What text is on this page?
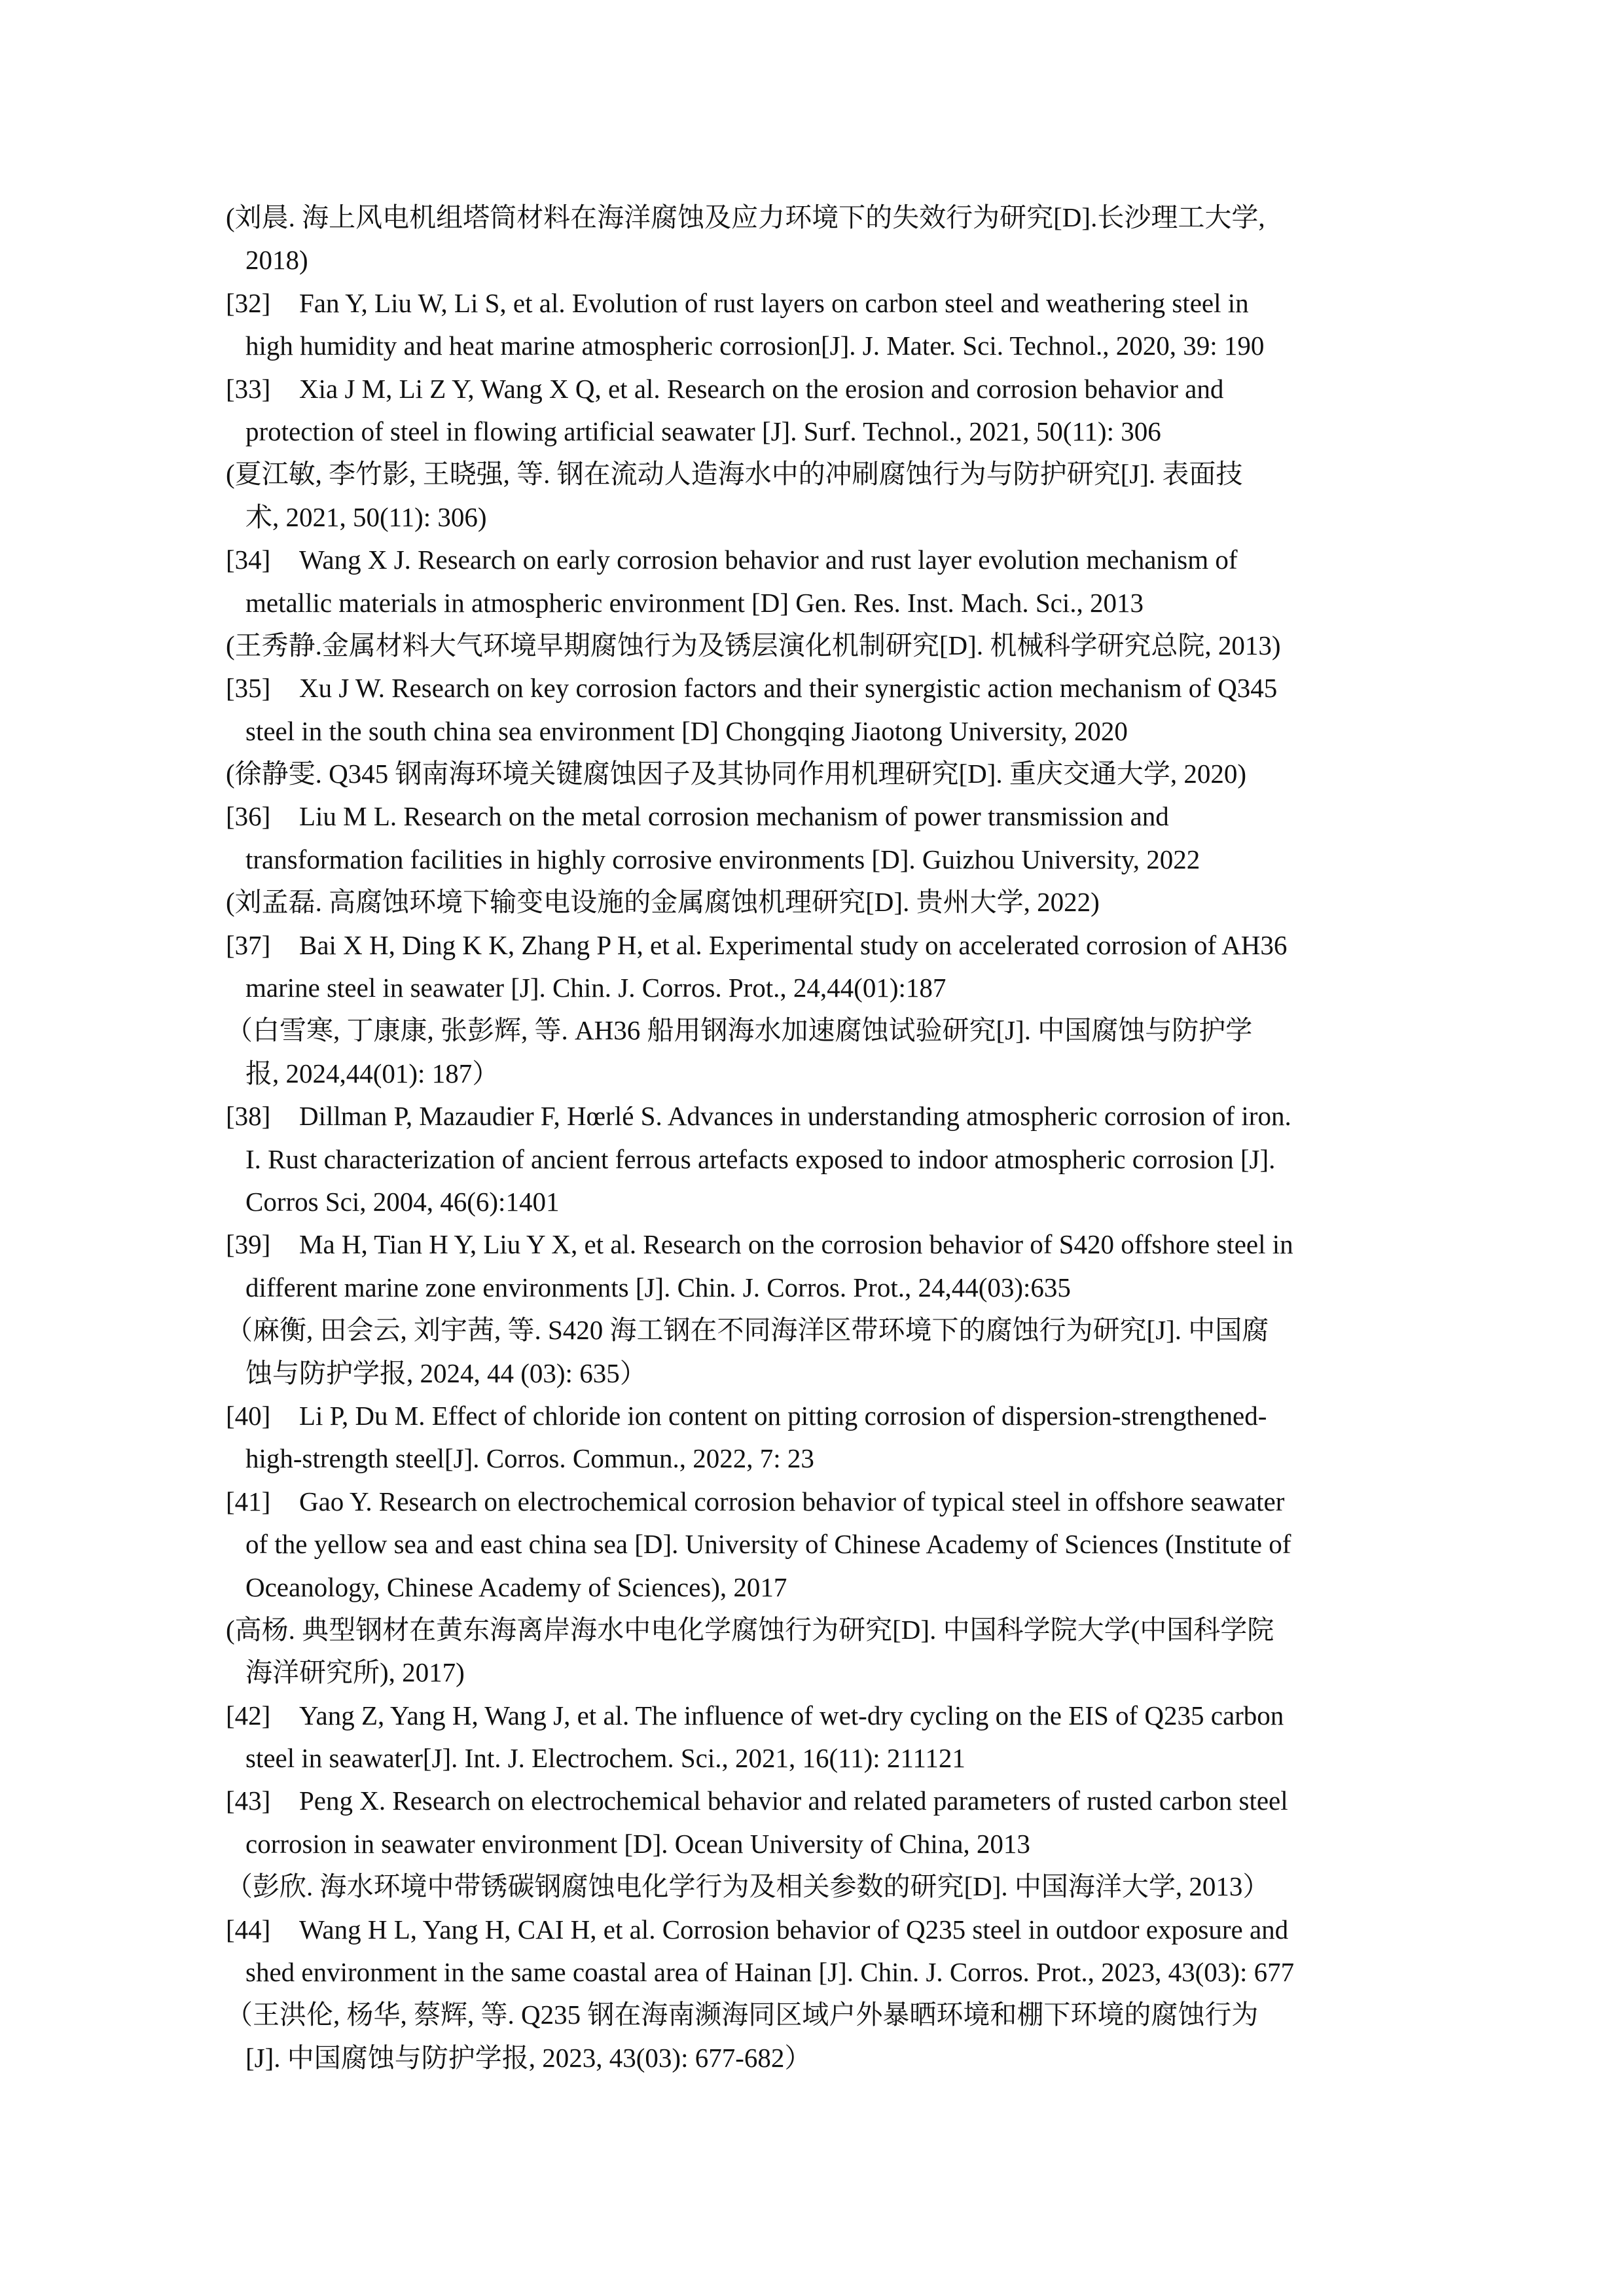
(刘晨. 海上风电机组塔筒材料在海洋腐蚀及应力环境下的失效行为研究[D].长沙理工大学,
2018)
[32] Fan Y, Liu W, Li S, et al. Evolution of rust layers on carbon steel and weathering steel in
high humidity and heat marine atmospheric corrosion[J]. J. Mater. Sci. Technol., 2020, 39: 190
[33] Xia J M, Li Z Y, Wang X Q, et al. Research on the erosion and corrosion behavior and
protection of steel in flowing artificial seawater [J]. Surf. Technol., 2021, 50(11): 306
(夏江敏, 李竹影, 王晓强, 等. 钢在流动人造海水中的冲刷腐蚀行为与防护研究[J]. 表面技
术, 2021, 50(11): 306)
[34] Wang X J. Research on early corrosion behavior and rust layer evolution mechanism of
metallic materials in atmospheric environment [D] Gen. Res. Inst. Mach. Sci., 2013
(王秀静.金属材料大气环境早期腐蚀行为及锈层演化机制研究[D]. 机械科学研究总院, 2013)
[35] Xu J W. Research on key corrosion factors and their synergistic action mechanism of Q345
steel in the south china sea environment [D] Chongqing Jiaotong University, 2020
(徐静雯. Q345 钢南海环境关键腐蚀因子及其协同作用机理研究[D]. 重庆交通大学, 2020)
[36] Liu M L. Research on the metal corrosion mechanism of power transmission and
transformation facilities in highly corrosive environments [D]. Guizhou University, 2022
(刘孟磊. 高腐蚀环境下输变电设施的金属腐蚀机理研究[D]. 贵州大学, 2022)
[37] Bai X H, Ding K K, Zhang P H, et al. Experimental study on accelerated corrosion of AH36
marine steel in seawater [J]. Chin. J. Corros. Prot., 24,44(01):187
（白雪寒, 丁康康, 张彭辉, 等. AH36 船用钢海水加速腐蚀试验研究[J]. 中国腐蚀与防护学
报, 2024,44(01): 187）
[38] Dillman P, Mazaudier F, Hœrlé S. Advances in understanding atmospheric corrosion of iron.
I. Rust characterization of ancient ferrous artefacts exposed to indoor atmospheric corrosion [J].
Corros Sci, 2004, 46(6):1401
[39] Ma H, Tian H Y, Liu Y X, et al. Research on the corrosion behavior of S420 offshore steel in
different marine zone environments [J]. Chin. J. Corros. Prot., 24,44(03):635
（麻衡, 田会云, 刘宇茜, 等. S420 海工钢在不同海洋区带环境下的腐蚀行为研究[J]. 中国腐
蚀与防护学报, 2024, 44 (03): 635）
[40] Li P, Du M. Effect of chloride ion content on pitting corrosion of dispersion-strengthened-
high-strength steel[J]. Corros. Commun., 2022, 7: 23
[41] Gao Y. Research on electrochemical corrosion behavior of typical steel in offshore seawater
of the yellow sea and east china sea [D]. University of Chinese Academy of Sciences (Institute of
Oceanology, Chinese Academy of Sciences), 2017
(高杨. 典型钢材在黄东海离岸海水中电化学腐蚀行为研究[D]. 中国科学院大学(中国科学院
海洋研究所), 2017)
[42] Yang Z, Yang H, Wang J, et al. The influence of wet-dry cycling on the EIS of Q235 carbon
steel in seawater[J]. Int. J. Electrochem. Sci., 2021, 16(11): 211121
[43] Peng X. Research on electrochemical behavior and related parameters of rusted carbon steel
corrosion in seawater environment [D]. Ocean University of China, 2013
（彭欣. 海水环境中带锈碳钢腐蚀电化学行为及相关参数的研究[D]. 中国海洋大学, 2013）
[44] Wang H L, Yang H, CAI H, et al. Corrosion behavior of Q235 steel in outdoor exposure and
shed environment in the same coastal area of Hainan [J]. Chin. J. Corros. Prot., 2023, 43(03): 677
（王洪伦, 杨华, 蔡辉, 等. Q235 钢在海南濒海同区域户外暴晒环境和棚下环境的腐蚀行为
[J]. 中国腐蚀与防护学报, 2023, 43(03): 677-682）
